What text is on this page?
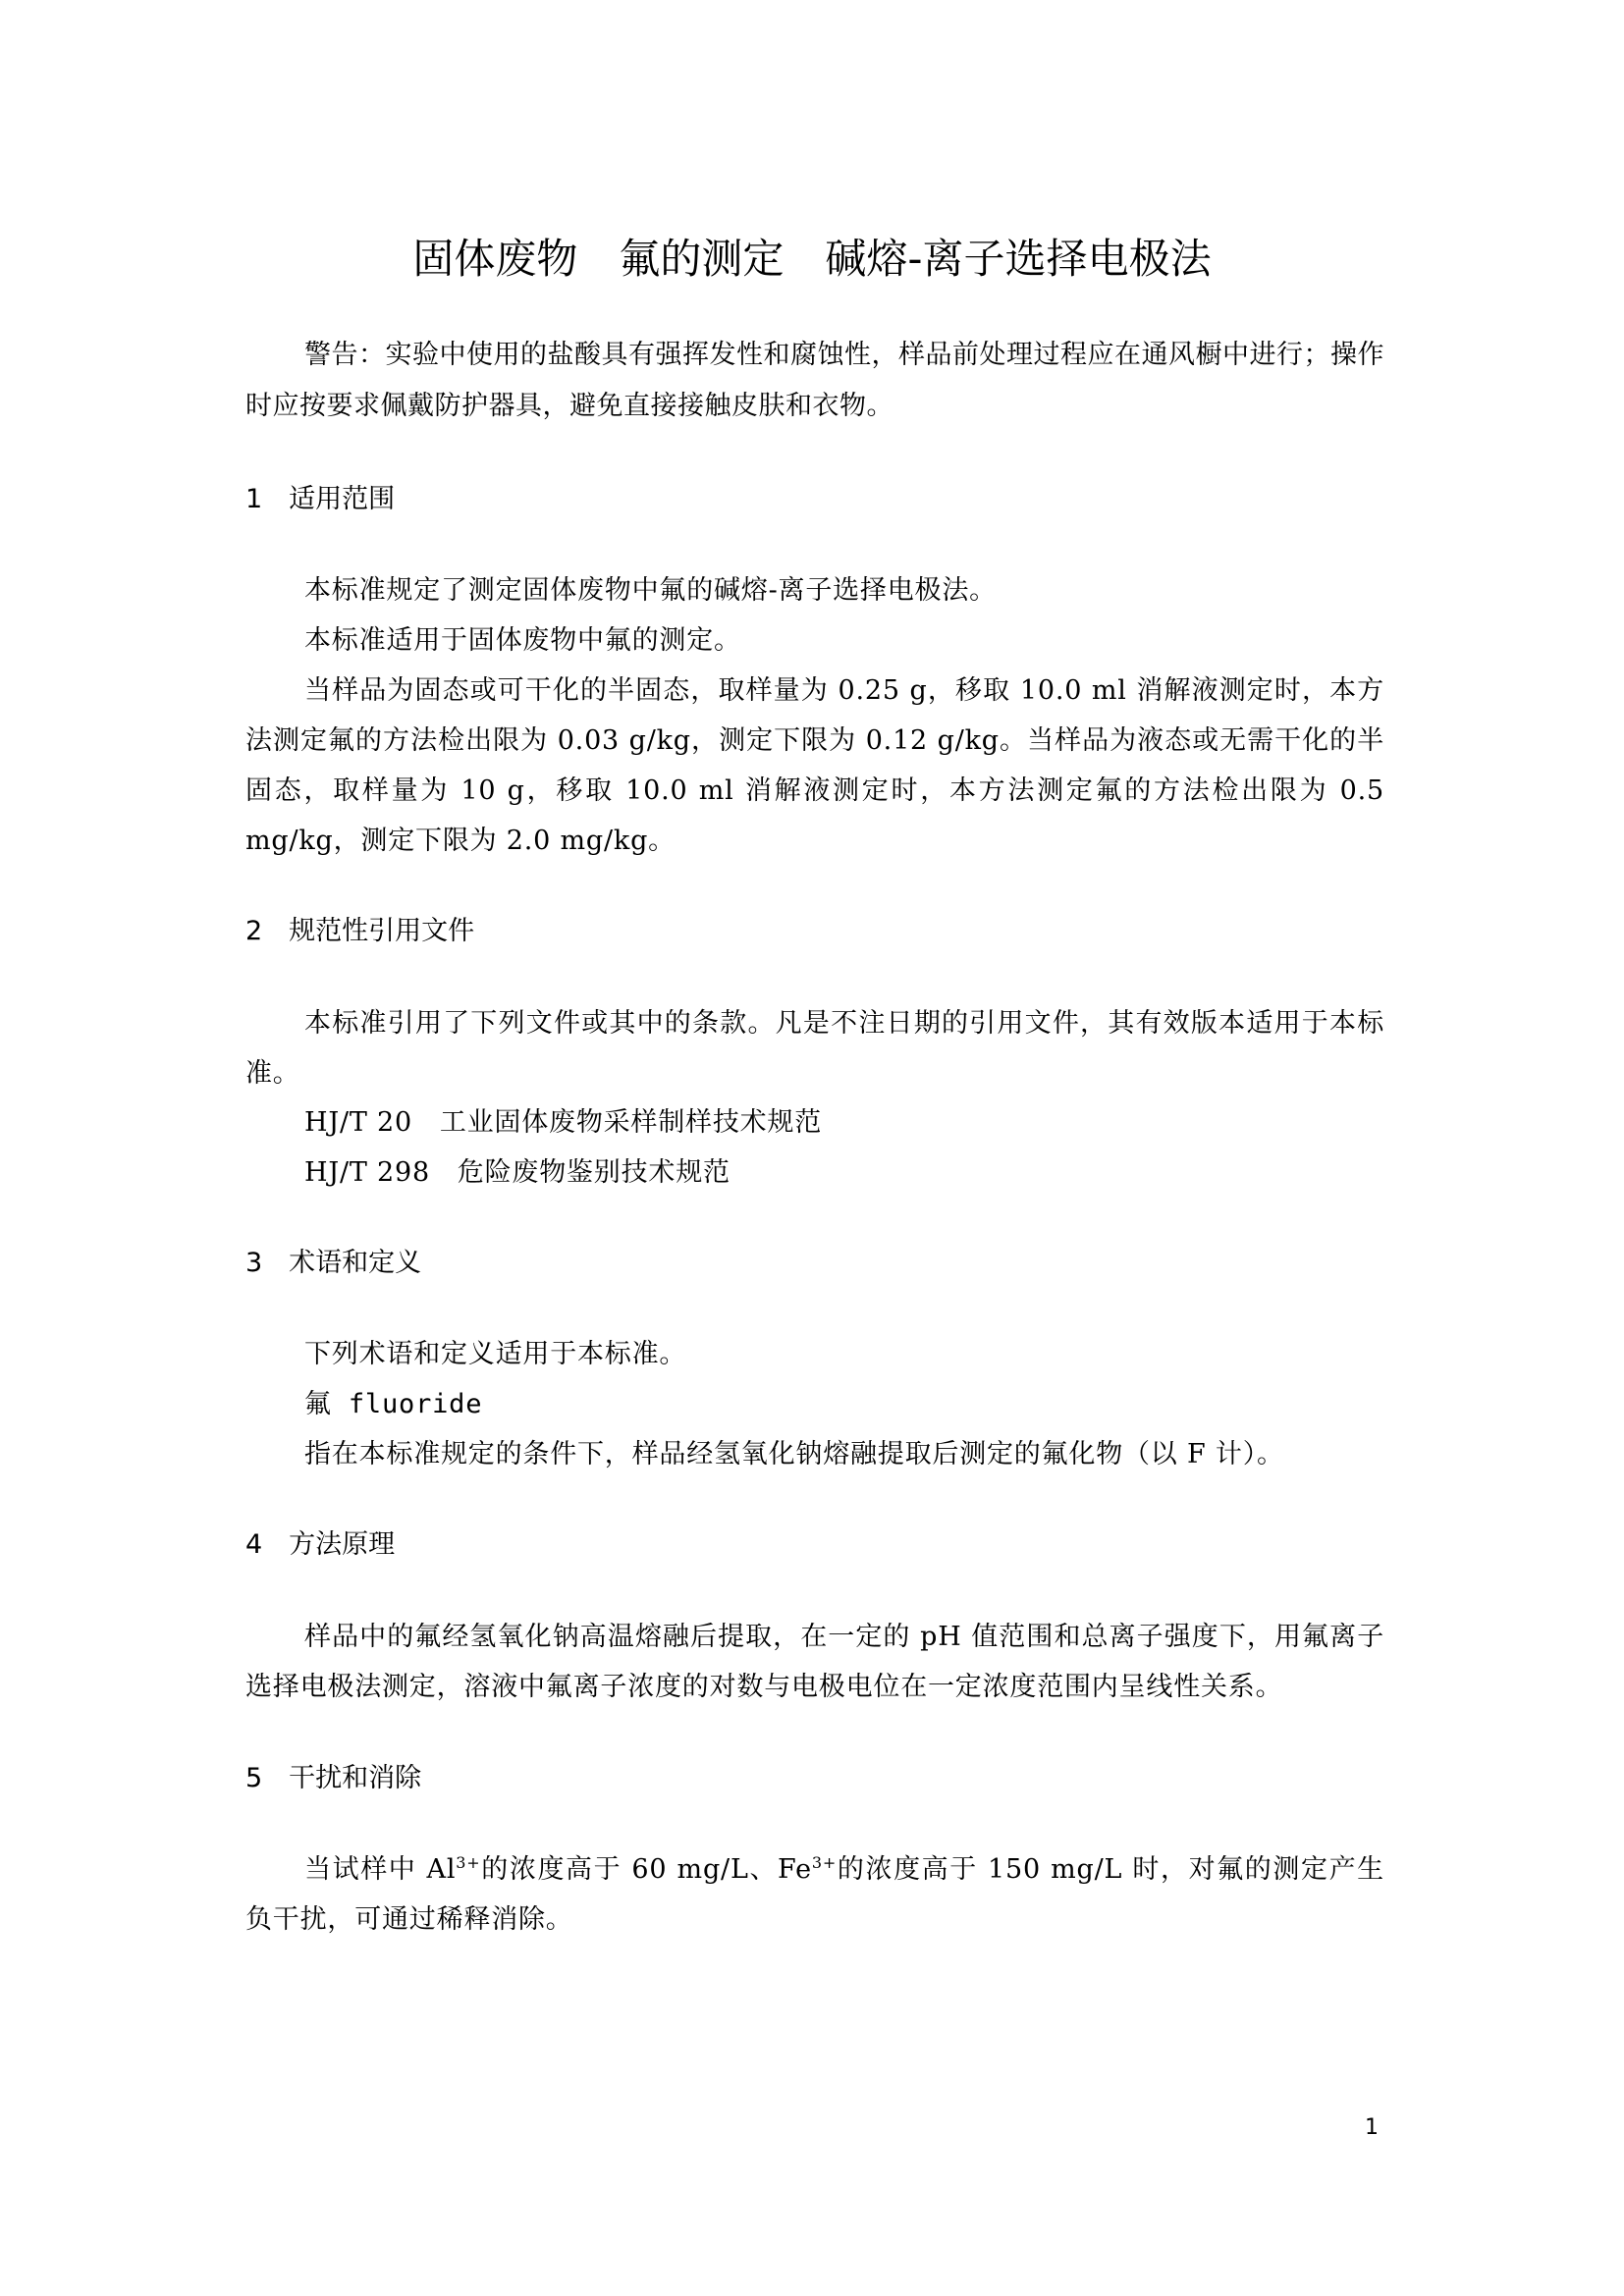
固体废物　氟的测定　碱熔-离子选择电极法
警告：实验中使用的盐酸具有强挥发性和腐蚀性，样品前处理过程应在通风橱中进行；操作时应按要求佩戴防护器具，避免直接接触皮肤和衣物。
1　适用范围
本标准规定了测定固体废物中氟的碱熔-离子选择电极法。
本标准适用于固体废物中氟的测定。
当样品为固态或可干化的半固态，取样量为 0.25 g，移取 10.0 ml 消解液测定时，本方法测定氟的方法检出限为 0.03 g/kg，测定下限为 0.12 g/kg。当样品为液态或无需干化的半固态，取样量为 10 g，移取 10.0 ml 消解液测定时，本方法测定氟的方法检出限为 0.5 mg/kg，测定下限为 2.0 mg/kg。
2　规范性引用文件
本标准引用了下列文件或其中的条款。凡是不注日期的引用文件，其有效版本适用于本标准。
HJ/T 20　工业固体废物采样制样技术规范
HJ/T 298　危险废物鉴别技术规范
3　术语和定义
下列术语和定义适用于本标准。
氟 fluoride
指在本标准规定的条件下，样品经氢氧化钠熔融提取后测定的氟化物（以 F 计）。
4　方法原理
样品中的氟经氢氧化钠高温熔融后提取，在一定的 pH 值范围和总离子强度下，用氟离子选择电极法测定，溶液中氟离子浓度的对数与电极电位在一定浓度范围内呈线性关系。
5　干扰和消除
当试样中 $Al^{3+}$的浓度高于 60 mg/L、$Fe^{3+}$的浓度高于 150 mg/L 时，对氟的测定产生负干扰，可通过稀释消除。
1
